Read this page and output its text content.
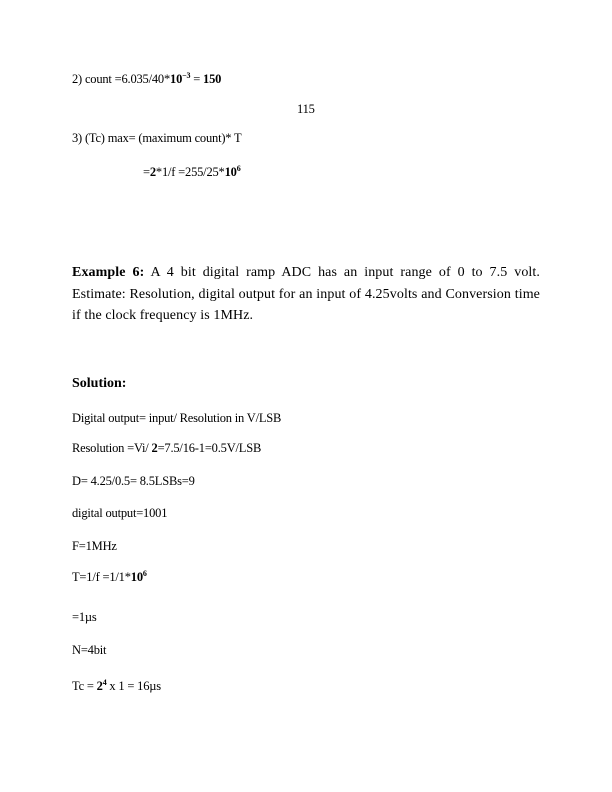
2) count $=6.035/40*10^{-3} = 150$
115
3) (Tc) max= (maximum count)* T
$=2*1/f =255/25*10^6$
Example 6: A 4 bit digital ramp ADC has an input range of 0 to 7.5 volt. Estimate: Resolution, digital output for an input of 4.25volts and Conversion time if the clock frequency is 1MHz.
Solution:
Digital output= input/ Resolution in V/LSB
Resolution =Vi/ 2=7.5/16-1=0.5V/LSB
D= 4.25/0.5= 8.5LSBs=9
digital output=1001
F=1MHz
$T=1/f =1/1*10^6$
=1µs
N=4bit
$Tc = 2^4$ x 1 = 16µs
